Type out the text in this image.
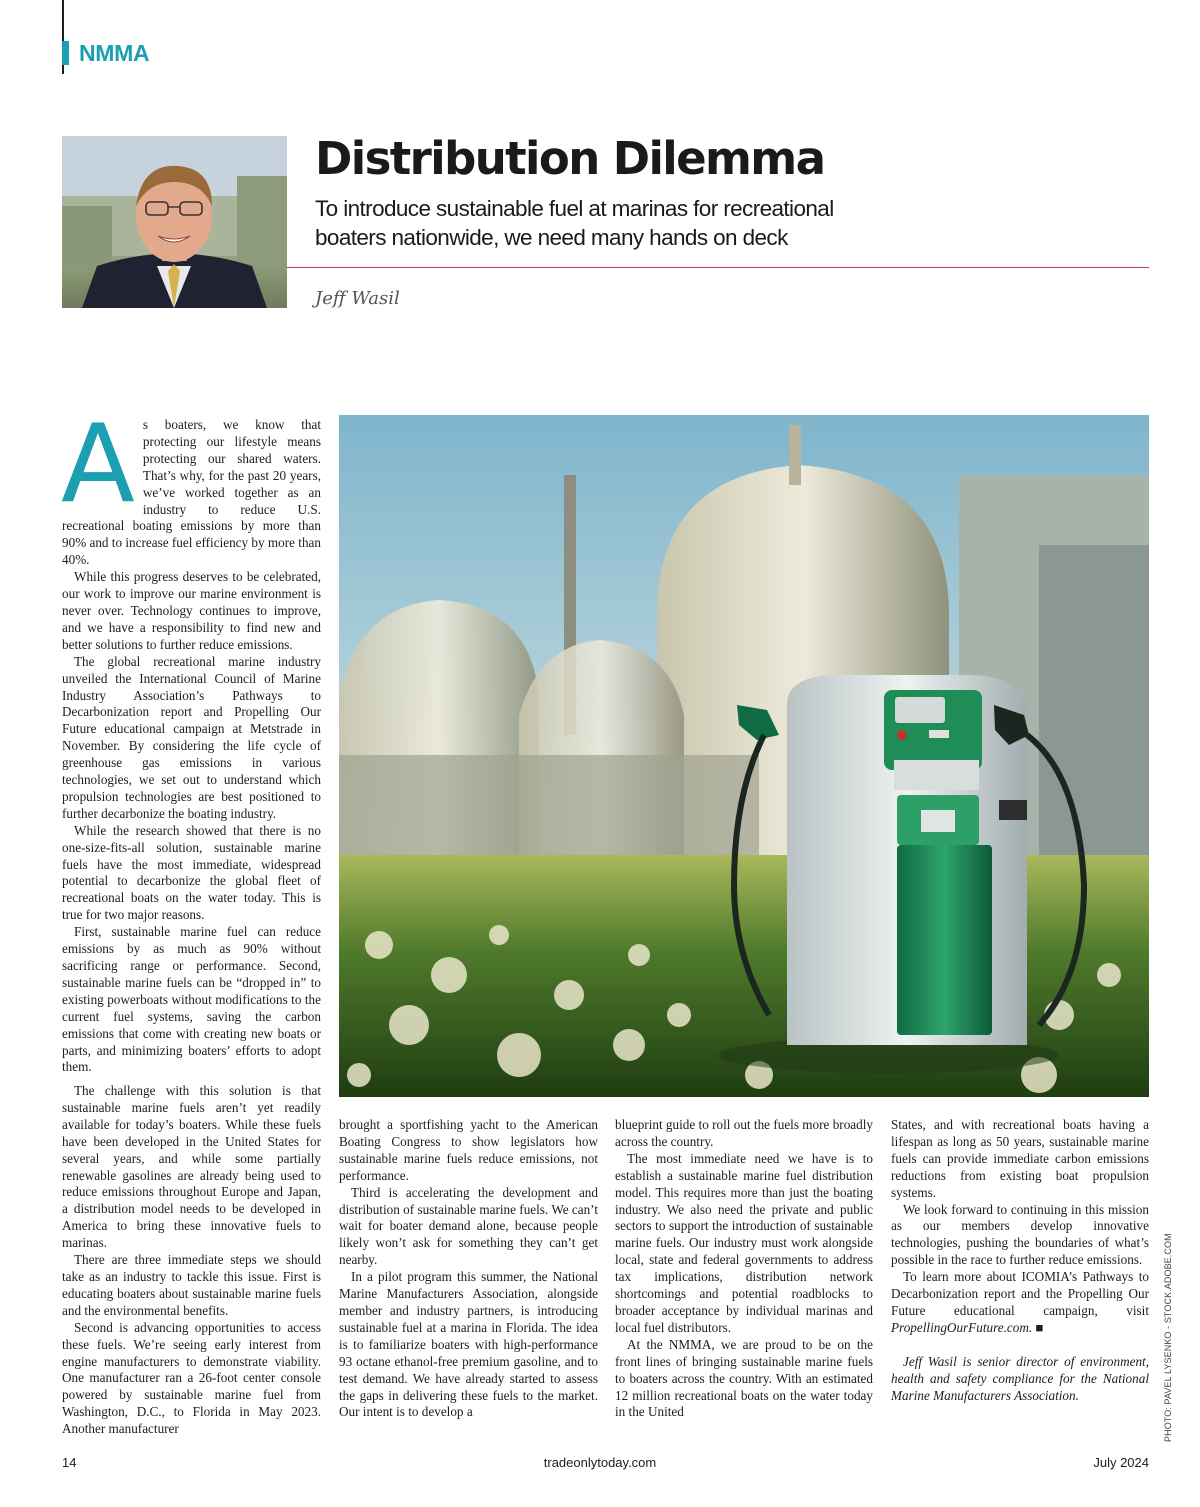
NMMA
Distribution Dilemma

To introduce sustainable fuel at marinas for recreational boaters nationwide, we need many hands on deck

Jeff Wasil

PHOTO: PAVEL LYSENKO - STOCK.ADOBE.COM
A s boaters, we know that protecting our lifestyle means protecting our shared waters. That’s why, for the past 20 years, we’ve worked together as an industry to reduce U.S. recreational boating emissions by more than 90% and to increase fuel efficiency by more than 40%.

While this progress deserves to be celebrated, our work to improve our marine environment is never over. Technology continues to improve, and we have a responsibility to find new and better solutions to further reduce emissions.

The global recreational marine industry unveiled the International Council of Marine Industry Association’s Pathways to Decarbonization report and Propelling Our Future educational campaign at Metstrade in November. By considering the life cycle of greenhouse gas emissions in various technologies, we set out to understand which propulsion technologies are best positioned to further decarbonize the boating industry.

While the research showed that there is no one-size-fits-all solution, sustainable marine fuels have the most immediate, widespread potential to decarbonize the global fleet of recreational boats on the water today. This is true for two major reasons.

First, sustainable marine fuel can reduce emissions by as much as 90% without sacrificing range or performance. Second, sustainable marine fuels can be “dropped in” to existing powerboats without modifications to the current fuel systems, saving the carbon emissions that come with creating new boats or parts, and minimizing boaters’ efforts to adopt them.

The challenge with this solution is that sustainable marine fuels aren’t yet readily available for today’s boaters. While these fuels have been developed in the United States for several years, and while some partially renewable gasolines are already being used to reduce emissions throughout Europe and Japan, a distribution model needs to be developed in America to bring these innovative fuels to marinas.

There are three immediate steps we should take as an industry to tackle this issue. First is educating boaters about sustainable marine fuels and the environmental benefits.

Second is advancing opportunities to access these fuels. We’re seeing early interest from engine manufacturers to demonstrate viability. One manufacturer ran a 26-foot center console powered by sustainable marine fuel from Washington, D.C., to Florida in May 2023. Another manufacturer

brought a sportfishing yacht to the American Boating Congress to show legislators how sustainable marine fuels reduce emissions, not performance.

Third is accelerating the development and distribution of sustainable marine fuels. We can’t wait for boater demand alone, because people likely won’t ask for something they can’t get nearby.

In a pilot program this summer, the National Marine Manufacturers Association, alongside member and industry partners, is introducing sustainable fuel at a marina in Florida. The idea is to familiarize boaters with high-performance 93 octane ethanol-free premium gasoline, and to test demand. We have already started to assess the gaps in delivering these fuels to the market. Our intent is to develop a

blueprint guide to roll out the fuels more broadly across the country.

The most immediate need we have is to establish a sustainable marine fuel distribution model. This requires more than just the boating industry. We also need the private and public sectors to support the introduction of sustainable marine fuels. Our industry must work alongside local, state and federal governments to address tax implications, distribution network shortcomings and potential roadblocks to broader acceptance by individual marinas and local fuel distributors.

At the NMMA, we are proud to be on the front lines of bringing sustainable marine fuels to boaters across the country. With an estimated 12 million recreational boats on the water today in the United

States, and with recreational boats having a lifespan as long as 50 years, sustainable marine fuels can provide immediate carbon emissions reductions from existing boat propulsion systems.

We look forward to continuing in this mission as our members develop innovative technologies, pushing the boundaries of what’s possible in the race to further reduce emissions.

To learn more about ICOMIA’s Pathways to Decarbonization report and the Propelling Our Future educational campaign, visit PropellingOurFuture.com. ■

Jeff Wasil is senior director of environment, health and safety compliance for the National Marine Manufacturers Association.

14	tradeonlytoday.com	July 2024
